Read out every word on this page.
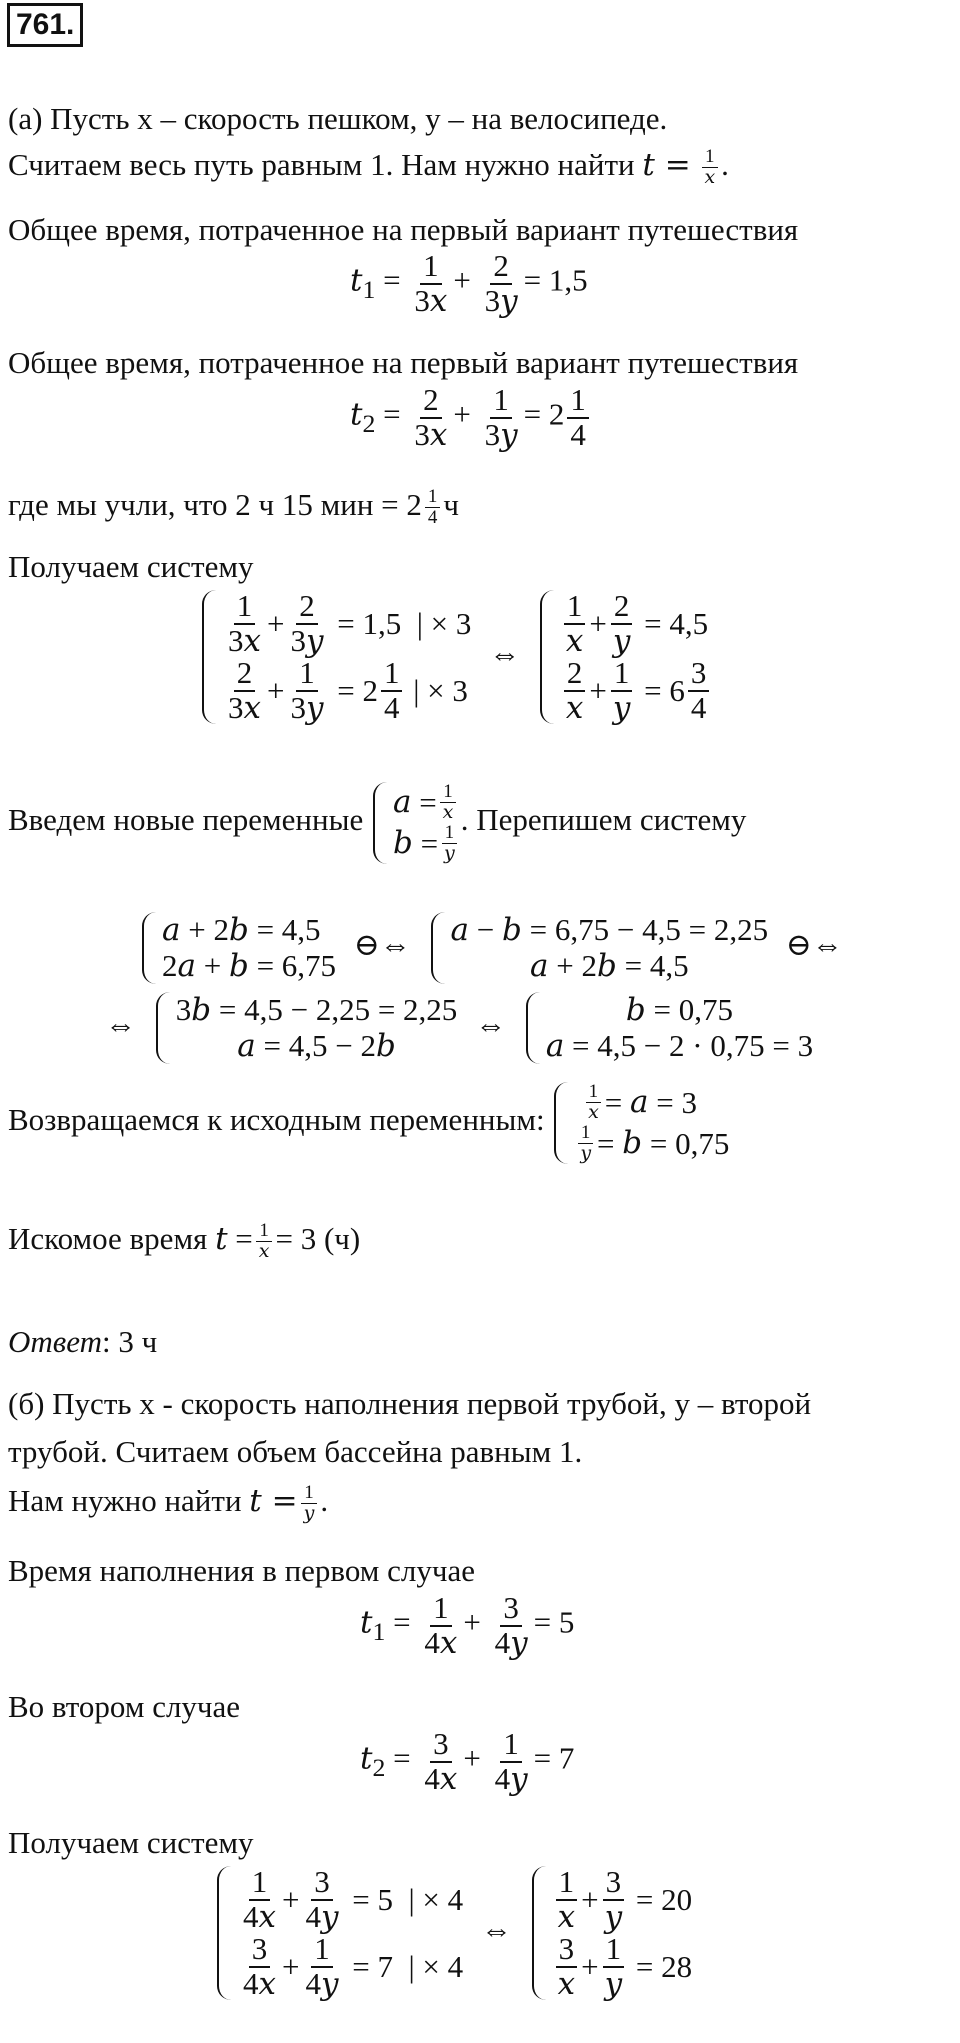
761.
(а) Пусть x – скорость пешком, y – на велосипеде.
Считаем весь путь равным 1. Нам нужно найти $t = \frac{1}{x}$ .
Общее время, потраченное на первый вариант путешествия
$t_1 = \frac{1}{3x} + \frac{2}{3y} = 1,5$
Общее время, потраченное на первый вариант путешествия
$t_2 = \frac{2}{3x} + \frac{1}{3y} = 2 \frac{1}{4}$
где мы учли, что 2 ч 15 мин = $2 \frac{1}{4}$ ч
Получаем систему
$\frac{1}{3x} + \frac{2}{3y} = 1,5$  | × 3
$\frac{2}{3x} + \frac{1}{3y} = 2 \frac{1}{4}$ | × 3
⇔ $\frac{1}{x} + \frac{2}{y} = 4,5$
$\frac{2}{x} + \frac{1}{y} = 6 \frac{3}{4}$
Введем новые переменные $a = \frac{1}{x}$
$b = \frac{1}{y}$
. Перепишем систему
a + 2 b = 4,5
2 a + b = 6,75
⊖⇔ a − b = 6,75 − 4,5 = 2,25
a + 2 b = 4,5
⊖⇔
⇔ 3 b = 4,5 − 2,25 = 2,25
a = 4,5 − 2 b
⇔	b = 0,75
a = 4,5 − 2 · 0,75 = 3
Возвращаемся к исходным переменным:
$\frac{1}{x} = a = 3$
$\frac{1}{y} = b = 0,75$
Искомое время $t = \frac{1}{x} = 3$ (ч)
Ответ: 3 ч
(б) Пусть x - скорость наполнения первой трубой, y – второй
трубой. Считаем объем бассейна равным 1.
Нам нужно найти $t = \frac{1}{y}$ .
Время наполнения в первом случае
$t_1 = \frac{1}{4x} + \frac{3}{4y} = 5$
Во втором случае
$t_2 = \frac{3}{4x} + \frac{1}{4y} = 7$
Получаем систему
$\frac{1}{4x} + \frac{3}{4y} = 5$  | × 4
$\frac{3}{4x} + \frac{1}{4y} = 7$  | × 4
⇔ $\frac{1}{x} + \frac{3}{y} = 20$
$\frac{3}{x} + \frac{1}{y} = 28$
